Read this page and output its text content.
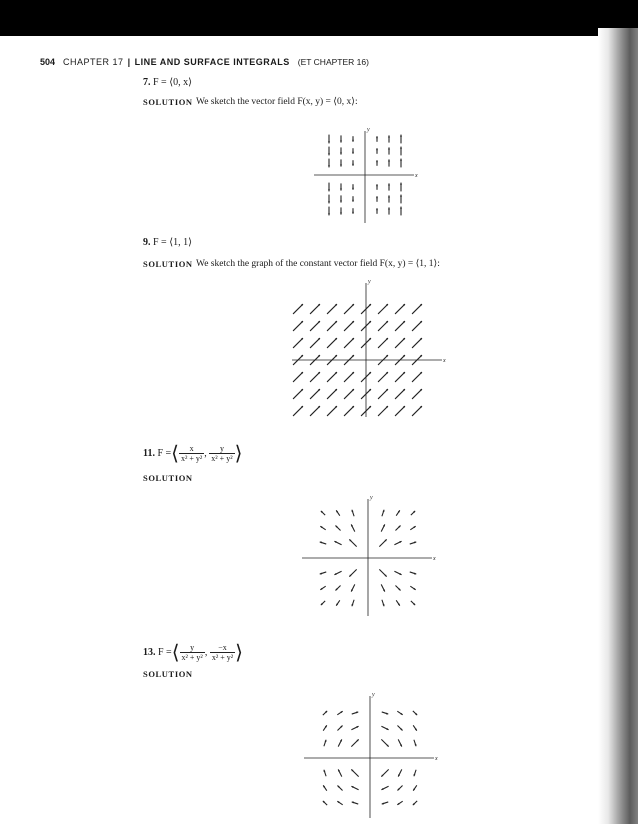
504 CHAPTER 17 | LINE AND SURFACE INTEGRALS (ET CHAPTER 16)
7. F = ⟨0, x⟩
SOLUTION We sketch the vector field F(x, y) = ⟨0, x⟩:
x
y
9. F = ⟨1, 1⟩
SOLUTION We sketch the graph of the constant vector field F(x, y) = ⟨1, 1⟩:
x
y
11. F =⟨ $\frac{x}{\text{x² + y²}}$ , $\frac{y}{\text{x² + y²}}$ ⟩
SOLUTION
x
y
13. F =⟨ $\frac{y}{\text{x² + y²}}$ , $\frac{-x}{\text{x² + y²}}$ ⟩
SOLUTION
x
y
